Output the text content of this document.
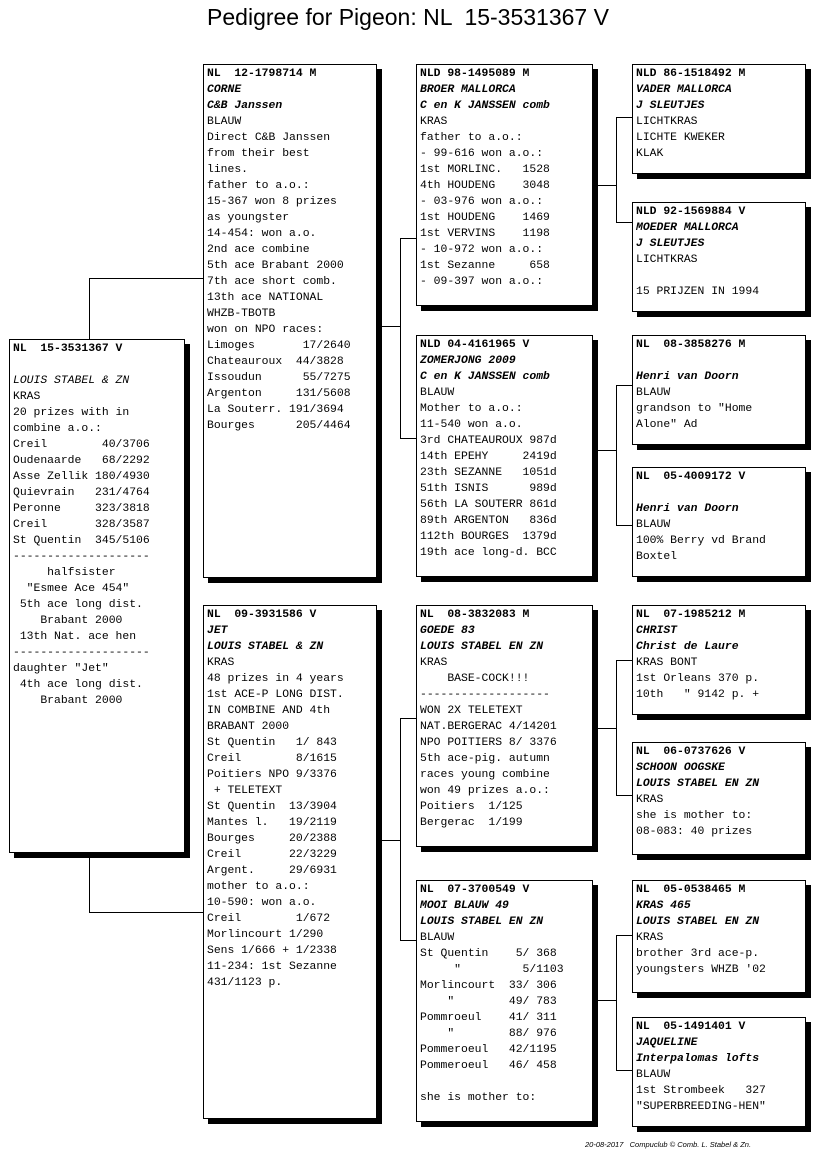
Pedigree for Pigeon: NL  15-3531367 V
NL  15-3531367 V
LOUIS STABEL & ZN
KRAS
20 prizes with in
combine a.o.:
Creil        40/3706
Oudenaarde   68/2292
Asse Zellik 180/4930
Quievrain   231/4764
Peronne     323/3818
Creil       328/3587
St Quentin  345/5106
--------------------
halfsister
"Esmee Ace 454"
5th ace long dist.
Brabant 2000
13th Nat. ace hen
--------------------
daughter "Jet"
4th ace long dist.
Brabant 2000
NL  12-1798714 M
CORNE
C&B Janssen
BLAUW
Direct C&B Janssen
from their best
lines.
father to a.o.:
15-367 won 8 prizes
as youngster
14-454: won a.o.
2nd ace combine
5th ace Brabant 2000
7th ace short comb.
13th ace NATIONAL
WHZB-TBOTB
won on NPO races:
Limoges       17/2640
Chateauroux  44/3828
Issoudun      55/7275
Argenton     131/5608
La Souterr. 191/3694
Bourges      205/4464
NL  09-3931586 V
JET
LOUIS STABEL & ZN
KRAS
48 prizes in 4 years
1st ACE-P LONG DIST.
IN COMBINE AND 4th
BRABANT 2000
St Quentin   1/ 843
Creil        8/1615
Poitiers NPO 9/3376
+ TELETEXT
St Quentin  13/3904
Mantes l.   19/2119
Bourges     20/2388
Creil       22/3229
Argent.     29/6931
mother to a.o.:
10-590: won a.o.
Creil        1/672
Morlincourt 1/290
Sens 1/666 + 1/2338
11-234: 1st Sezanne
431/1123 p.
NLD 98-1495089 M
BROER MALLORCA
C en K JANSSEN comb
KRAS
father to a.o.:
- 99-616 won a.o.:
1st MORLINC.   1528
4th HOUDENG    3048
- 03-976 won a.o.:
1st HOUDENG    1469
1st VERVINS    1198
- 10-972 won a.o.:
1st Sezanne     658
- 09-397 won a.o.:
NLD 04-4161965 V
ZOMERJONG 2009
C en K JANSSEN comb
BLAUW
Mother to a.o.:
11-540 won a.o.
3rd CHATEAUROUX 987d
14th EPEHY     2419d
23th SEZANNE   1051d
51th ISNIS      989d
56th LA SOUTERR 861d
89th ARGENTON   836d
112th BOURGES  1379d
19th ace long-d. BCC
NL  08-3832083 M
GOEDE 83
LOUIS STABEL EN ZN
KRAS
BASE-COCK!!!
-------------------
WON 2X TELETEXT
NAT.BERGERAC 4/14201
NPO POITIERS 8/ 3376
5th ace-pig. autumn
races young combine
won 49 prizes a.o.:
Poitiers  1/125
Bergerac  1/199
NL  07-3700549 V
MOOI BLAUW 49
LOUIS STABEL EN ZN
BLAUW
St Quentin    5/ 368
"         5/1103
Morlincourt  33/ 306
"        49/ 783
Pommroeul    41/ 311
"        88/ 976
Pommeroeul   42/1195
Pommeroeul   46/ 458
she is mother to:
NLD 86-1518492 M
VADER MALLORCA
J SLEUTJES
LICHTKRAS
LICHTE KWEKER
KLAK
NLD 92-1569884 V
MOEDER MALLORCA
J SLEUTJES
LICHTKRAS
15 PRIJZEN IN 1994
NL  08-3858276 M
Henri van Doorn
BLAUW
grandson to "Home
Alone" Ad
NL  05-4009172 V
Henri van Doorn
BLAUW
100% Berry vd Brand
Boxtel
NL  07-1985212 M
CHRIST
Christ de Laure
KRAS BONT
1st Orleans 370 p.
10th   " 9142 p. +
NL  06-0737626 V
SCHOON OOGSKE
LOUIS STABEL EN ZN
KRAS
she is mother to:
08-083: 40 prizes
NL  05-0538465 M
KRAS 465
LOUIS STABEL EN ZN
KRAS
brother 3rd ace-p.
youngsters WHZB '02
NL  05-1491401 V
JAQUELINE
Interpalomas lofts
BLAUW
1st Strombeek   327
"SUPERBREEDING-HEN"
20-08-2017 Compuclub © Comb. L. Stabel & Zn.
